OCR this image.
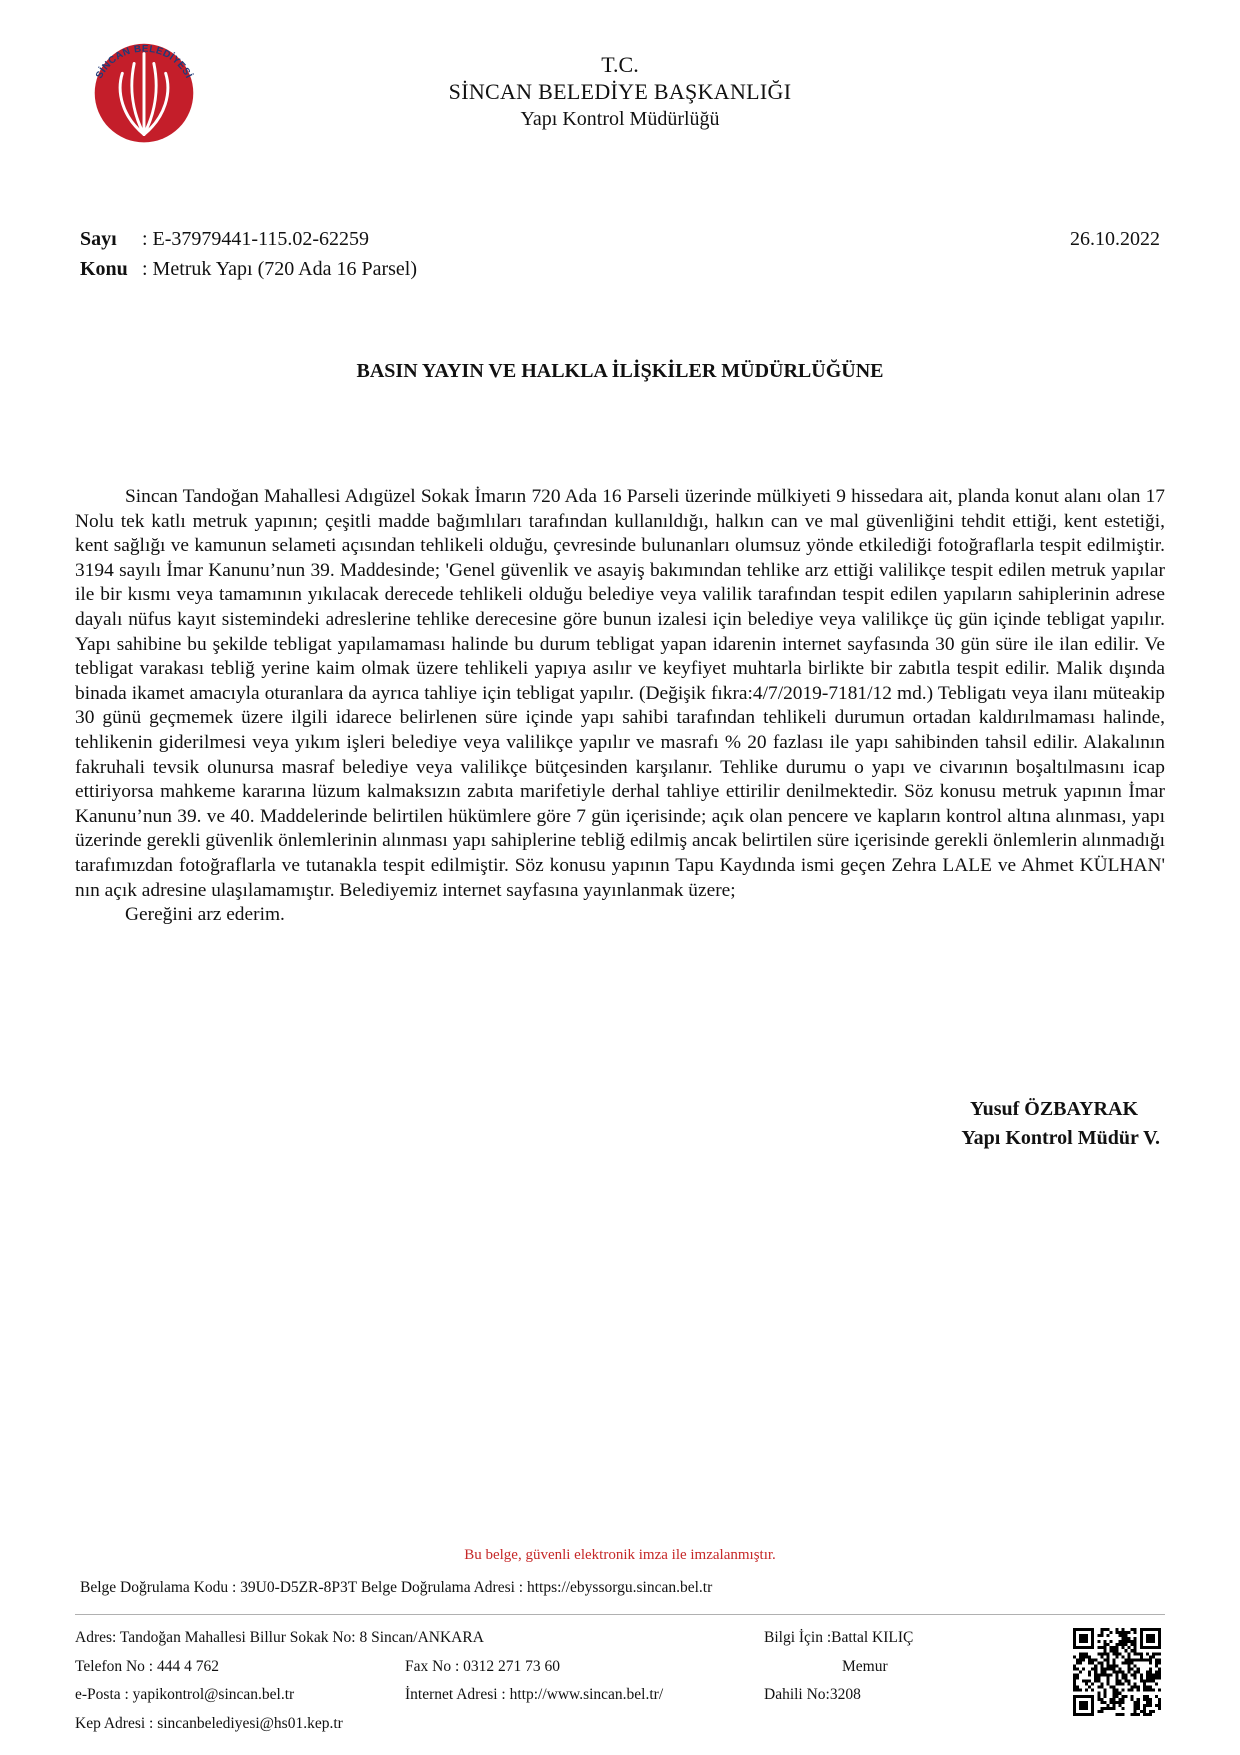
SİNCAN BELEDİYESİ
1956
T.C.
SİNCAN BELEDİYE BAŞKANLIĞI
Yapı Kontrol Müdürlüğü
Sayı : E-37979441-115.02-62259
Konu : Metruk Yapı (720 Ada 16 Parsel)
26.10.2022
BASIN YAYIN VE HALKLA İLİŞKİLER MÜDÜRLÜĞÜNE

Sincan Tandoğan Mahallesi Adıgüzel Sokak İmarın 720 Ada 16 Parseli üzerinde mülkiyeti 9 hissedara ait, planda konut alanı olan 17 Nolu tek katlı metruk yapının; çeşitli madde bağımlıları tarafından kullanıldığı, halkın can ve mal güvenliğini tehdit ettiği, kent estetiği, kent sağlığı ve kamunun selameti açısından tehlikeli olduğu, çevresinde bulunanları olumsuz yönde etkilediği fotoğraflarla tespit edilmiştir. 3194 sayılı İmar Kanunu’nun 39. Maddesinde; 'Genel güvenlik ve asayiş bakımından tehlike arz ettiği valilikçe tespit edilen metruk yapılar ile bir kısmı veya tamamının yıkılacak derecede tehlikeli olduğu belediye veya valilik tarafından tespit edilen yapıların sahiplerinin adrese dayalı nüfus kayıt sistemindeki adreslerine tehlike derecesine göre bunun izalesi için belediye veya valilikçe üç gün içinde tebligat yapılır. Yapı sahibine bu şekilde tebligat yapılamaması halinde bu durum tebligat yapan idarenin internet sayfasında 30 gün süre ile ilan edilir. Ve tebligat varakası tebliğ yerine kaim olmak üzere tehlikeli yapıya asılır ve keyfiyet muhtarla birlikte bir zabıtla tespit edilir. Malik dışında binada ikamet amacıyla oturanlara da ayrıca tahliye için tebligat yapılır. (Değişik fıkra:4/7/2019-7181/12 md.) Tebligatı veya ilanı müteakip 30 günü geçmemek üzere ilgili idarece belirlenen süre içinde yapı sahibi tarafından tehlikeli durumun ortadan kaldırılmaması halinde, tehlikenin giderilmesi veya yıkım işleri belediye veya valilikçe yapılır ve masrafı % 20 fazlası ile yapı sahibinden tahsil edilir. Alakalının fakruhali tevsik olunursa masraf belediye veya valilikçe bütçesinden karşılanır. Tehlike durumu o yapı ve civarının boşaltılmasını icap ettiriyorsa mahkeme kararına lüzum kalmaksızın zabıta marifetiyle derhal tahliye ettirilir denilmektedir. Söz konusu metruk yapının İmar Kanunu’nun 39. ve 40. Maddelerinde belirtilen hükümlere göre 7 gün içerisinde; açık olan pencere ve kapların kontrol altına alınması, yapı üzerinde gerekli güvenlik önlemlerinin alınması yapı sahiplerine tebliğ edilmiş ancak belirtilen süre içerisinde gerekli önlemlerin alınmadığı tarafımızdan fotoğraflarla ve tutanakla tespit edilmiştir. Söz konusu yapının Tapu Kaydında ismi geçen Zehra LALE ve Ahmet KÜLHAN' nın açık adresine ulaşılamamıştır. Belediyemiz internet sayfasına yayınlanmak üzere;

Gereğini arz ederim.

Yusuf ÖZBAYRAK
Yapı Kontrol Müdür V.
Bu belge, güvenli elektronik imza ile imzalanmıştır.
Belge Doğrulama Kodu : 39U0-D5ZR-8P3T Belge Doğrulama Adresi : https://ebyssorgu.sincan.bel.tr
Adres: Tandoğan Mahallesi Billur Sokak No: 8 Sincan/ANKARA
Telefon No : 444 4 762
e-Posta : yapikontrol@sincan.bel.tr
Kep Adresi : sincanbelediyesi@hs01.kep.tr

Fax No : 0312 271 73 60
İnternet Adresi : http://www.sincan.bel.tr/
Bilgi İçin :Battal KILIÇ
Memur
Dahili No:3208
